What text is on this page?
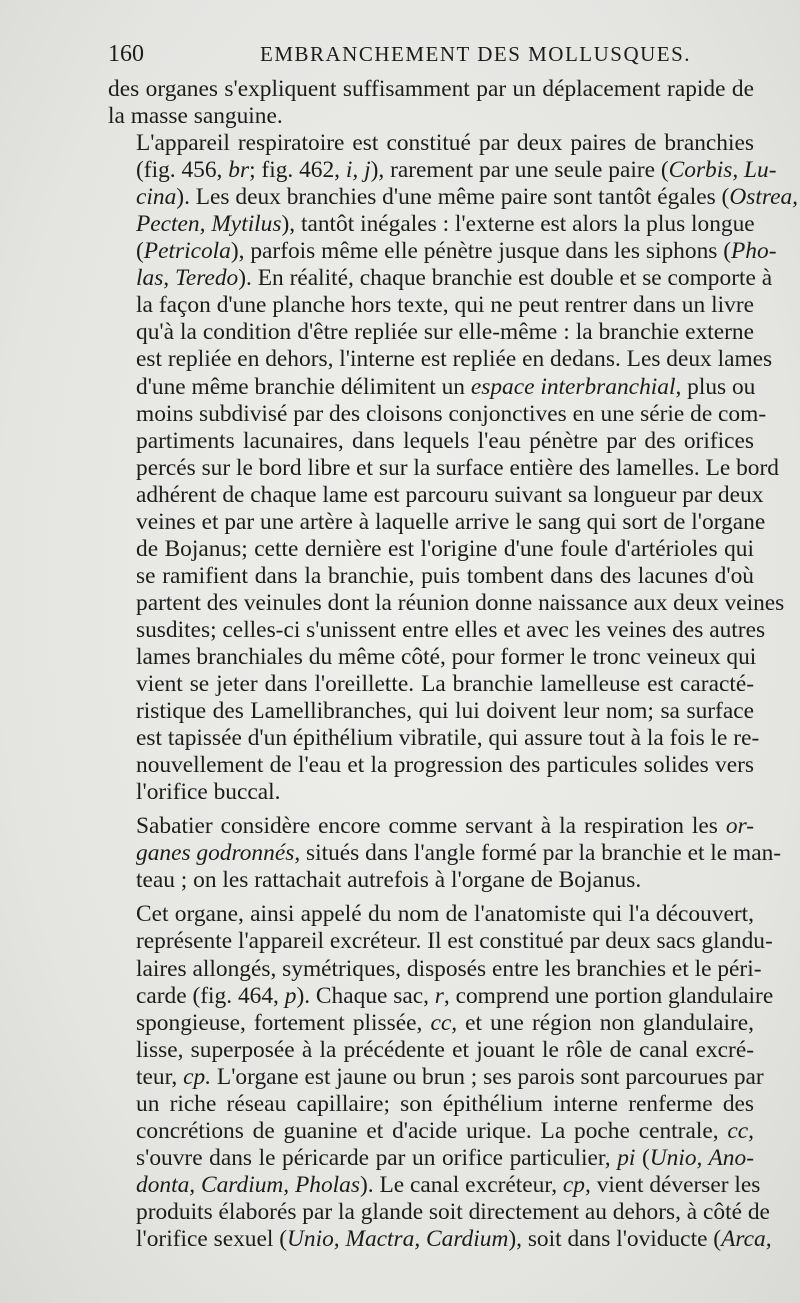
160	EMBRANCHEMENT DES MOLLUSQUES.

des organes s'expliquent suffisamment par un déplacement rapide de
la masse sanguine.

L'appareil respiratoire est constitué par deux paires de branchies
(fig. 456, br; fig. 462, i, j), rarement par une seule paire (Corbis, Lu-
cina). Les deux branchies d'une même paire sont tantôt égales (Ostrea,
Pecten, Mytilus), tantôt inégales : l'externe est alors la plus longue
(Petricola), parfois même elle pénètre jusque dans les siphons (Pho-
las, Teredo). En réalité, chaque branchie est double et se comporte à
la façon d'une planche hors texte, qui ne peut rentrer dans un livre
qu'à la condition d'être repliée sur elle-même : la branchie externe
est repliée en dehors, l'interne est repliée en dedans. Les deux lames
d'une même branchie délimitent un espace interbranchial, plus ou
moins subdivisé par des cloisons conjonctives en une série de com-
partiments lacunaires, dans lequels l'eau pénètre par des orifices
percés sur le bord libre et sur la surface entière des lamelles. Le bord
adhérent de chaque lame est parcouru suivant sa longueur par deux
veines et par une artère à laquelle arrive le sang qui sort de l'organe
de Bojanus; cette dernière est l'origine d'une foule d'artérioles qui
se ramifient dans la branchie, puis tombent dans des lacunes d'où
partent des veinules dont la réunion donne naissance aux deux veines
susdites; celles-ci s'unissent entre elles et avec les veines des autres
lames branchiales du même côté, pour former le tronc veineux qui
vient se jeter dans l'oreillette. La branchie lamelleuse est caracté-
ristique des Lamellibranches, qui lui doivent leur nom; sa surface
est tapissée d'un épithélium vibratile, qui assure tout à la fois le re-
nouvellement de l'eau et la progression des particules solides vers
l'orifice buccal.

Sabatier considère encore comme servant à la respiration les or-
ganes godronnés, situés dans l'angle formé par la branchie et le man-
teau ; on les rattachait autrefois à l'organe de Bojanus.

Cet organe, ainsi appelé du nom de l'anatomiste qui l'a découvert,
représente l'appareil excréteur. Il est constitué par deux sacs glandu-
laires allongés, symétriques, disposés entre les branchies et le péri-
carde (fig. 464, p). Chaque sac, r, comprend une portion glandulaire
spongieuse, fortement plissée, cc, et une région non glandulaire,
lisse, superposée à la précédente et jouant le rôle de canal excré-
teur, cp. L'organe est jaune ou brun ; ses parois sont parcourues par
un riche réseau capillaire; son épithélium interne renferme des
concrétions de guanine et d'acide urique. La poche centrale, cc,
s'ouvre dans le péricarde par un orifice particulier, pi (Unio, Ano-
donta, Cardium, Pholas). Le canal excréteur, cp, vient déverser les
produits élaborés par la glande soit directement au dehors, à côté de
l'orifice sexuel (Unio, Mactra, Cardium), soit dans l'oviducte (Arca,
